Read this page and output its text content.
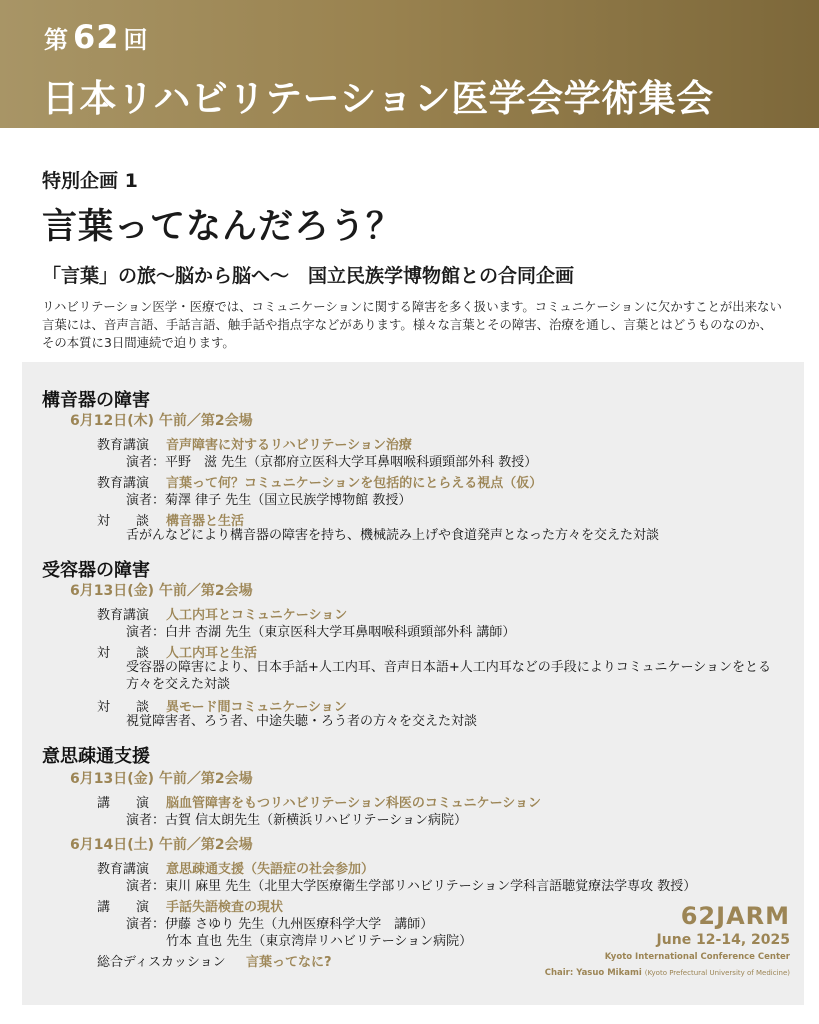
第 62 回
日本リハビリテーション医学会学術集会
特別企画 1
言葉ってなんだろう？
「言葉」の旅〜脳から脳へ〜　国立民族学博物館との合同企画
リハビリテーション医学・医療では、コミュニケーションに関する障害を多く扱います。コミュニケーションに欠かすことが出来ない言葉には、音声言語、手話言語、触手話や指点字などがあります。様々な言葉とその障害、治療を通し、言葉とはどうものなのか、その本質に3日間連続で迫ります。
構音器の障害
6月12日(木) 午前／第2会場
教育講演 音声障害に対するリハビリテーション治療
演者：平野　滋 先生（京都府立医科大学耳鼻咽喉科頭頸部外科 教授）
教育講演 言葉って何？コミュニケーションを包括的にとらえる視点（仮）
演者：菊澤 律子 先生（国立民族学博物館 教授）
対　　談 構音器と生活
舌がんなどにより構音器の障害を持ち、機械読み上げや食道発声となった方々を交えた対談
受容器の障害
6月13日(金) 午前／第2会場
教育講演 人工内耳とコミュニケーション
演者：白井 杏湖 先生（東京医科大学耳鼻咽喉科頭頸部外科 講師）
対　　談 人工内耳と生活
受容器の障害により、日本手話+人工内耳、音声日本語+人工内耳などの手段によりコミュニケーションをとる方々を交えた対談
対　　談 異モード間コミュニケーション
視覚障害者、ろう者、中途失聴・ろう者の方々を交えた対談
意思疎通支援
6月13日(金) 午前／第2会場
講　　演 脳血管障害をもつリハビリテーション科医のコミュニケーション
演者：古賀 信太朗先生（新横浜リハビリテーション病院）
6月14日(土) 午前／第2会場
教育講演 意思疎通支援（失語症の社会参加）
演者：東川 麻里 先生（北里大学医療衛生学部リハビリテーション学科言語聴覚療法学専攻 教授）
講　　演 手話失語検査の現状
演者：伊藤 さゆり 先生（九州医療科学大学　講師）
竹本 直也 先生（東京湾岸リハビリテーション病院）
総合ディスカッション 言葉ってなに?
62JARM
June 12-14, 2025
Kyoto International Conference Center
Chair: Yasuo Mikami (Kyoto Prefectural University of Medicine)
